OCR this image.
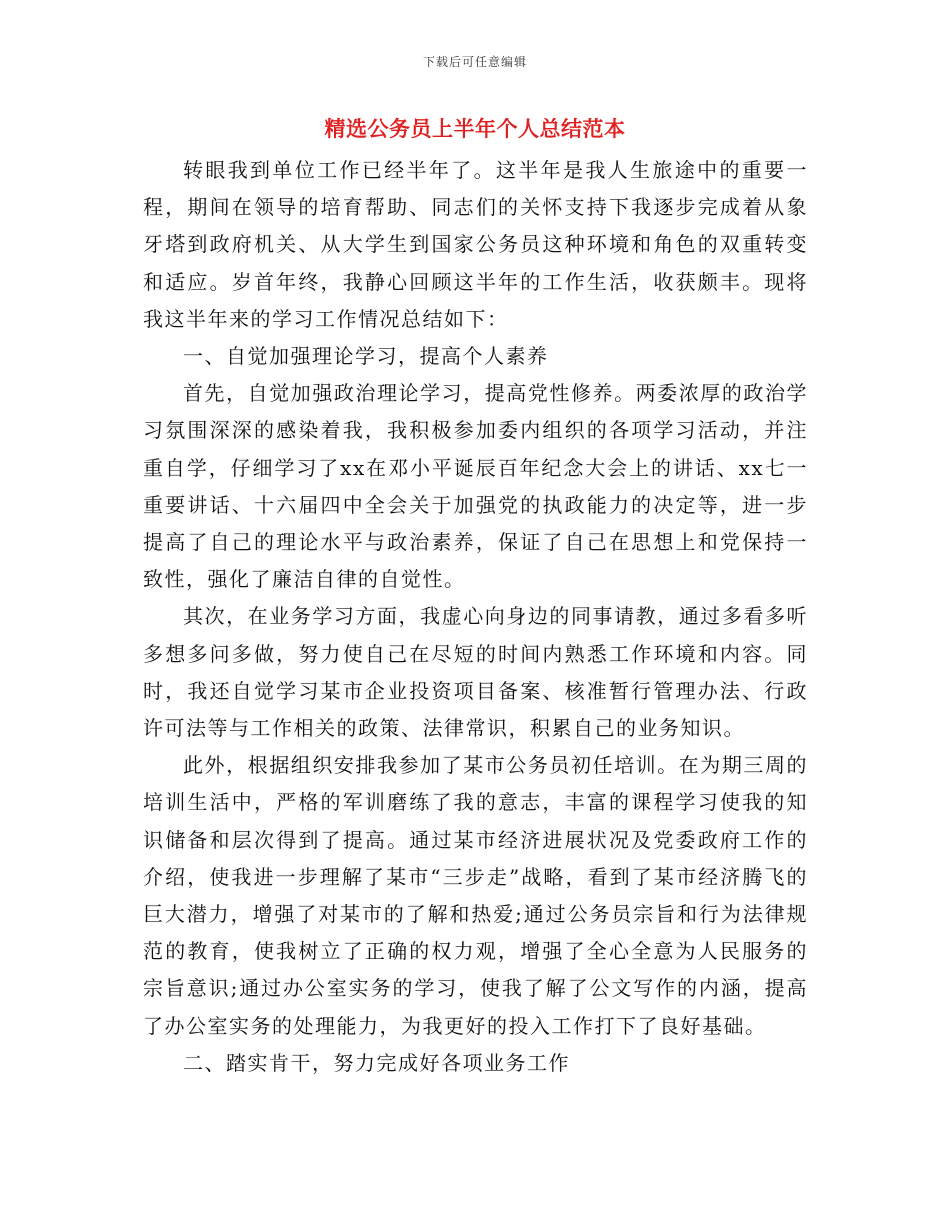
下载后可任意编辑
精选公务员上半年个人总结范本

转眼我到单位工作已经半年了。这半年是我人生旅途中的重要一程，期间在领导的培育帮助、同志们的关怀支持下我逐步完成着从象牙塔到政府机关、从大学生到国家公务员这种环境和角色的双重转变和适应。岁首年终，我静心回顾这半年的工作生活，收获颇丰。现将我这半年来的学习工作情况总结如下：

一、自觉加强理论学习，提高个人素养

首先，自觉加强政治理论学习，提高党性修养。两委浓厚的政治学习氛围深深的感染着我，我积极参加委内组织的各项学习活动，并注重自学，仔细学习了xx在邓小平诞辰百年纪念大会上的讲话、xx七一重要讲话、十六届四中全会关于加强党的执政能力的决定等，进一步提高了自己的理论水平与政治素养，保证了自己在思想上和党保持一致性，强化了廉洁自律的自觉性。

其次，在业务学习方面，我虚心向身边的同事请教，通过多看多听多想多问多做，努力使自己在尽短的时间内熟悉工作环境和内容。同时，我还自觉学习某市企业投资项目备案、核准暂行管理办法、行政许可法等与工作相关的政策、法律常识，积累自己的业务知识。

此外，根据组织安排我参加了某市公务员初任培训。在为期三周的培训生活中，严格的军训磨练了我的意志，丰富的课程学习使我的知识储备和层次得到了提高。通过某市经济进展状况及党委政府工作的介绍，使我进一步理解了某市“三步走”战略，看到了某市经济腾飞的巨大潜力，增强了对某市的了解和热爱;通过公务员宗旨和行为法律规范的教育，使我树立了正确的权力观，增强了全心全意为人民服务的宗旨意识;通过办公室实务的学习，使我了解了公文写作的内涵，提高了办公室实务的处理能力，为我更好的投入工作打下了良好基础。

二、踏实肯干，努力完成好各项业务工作
